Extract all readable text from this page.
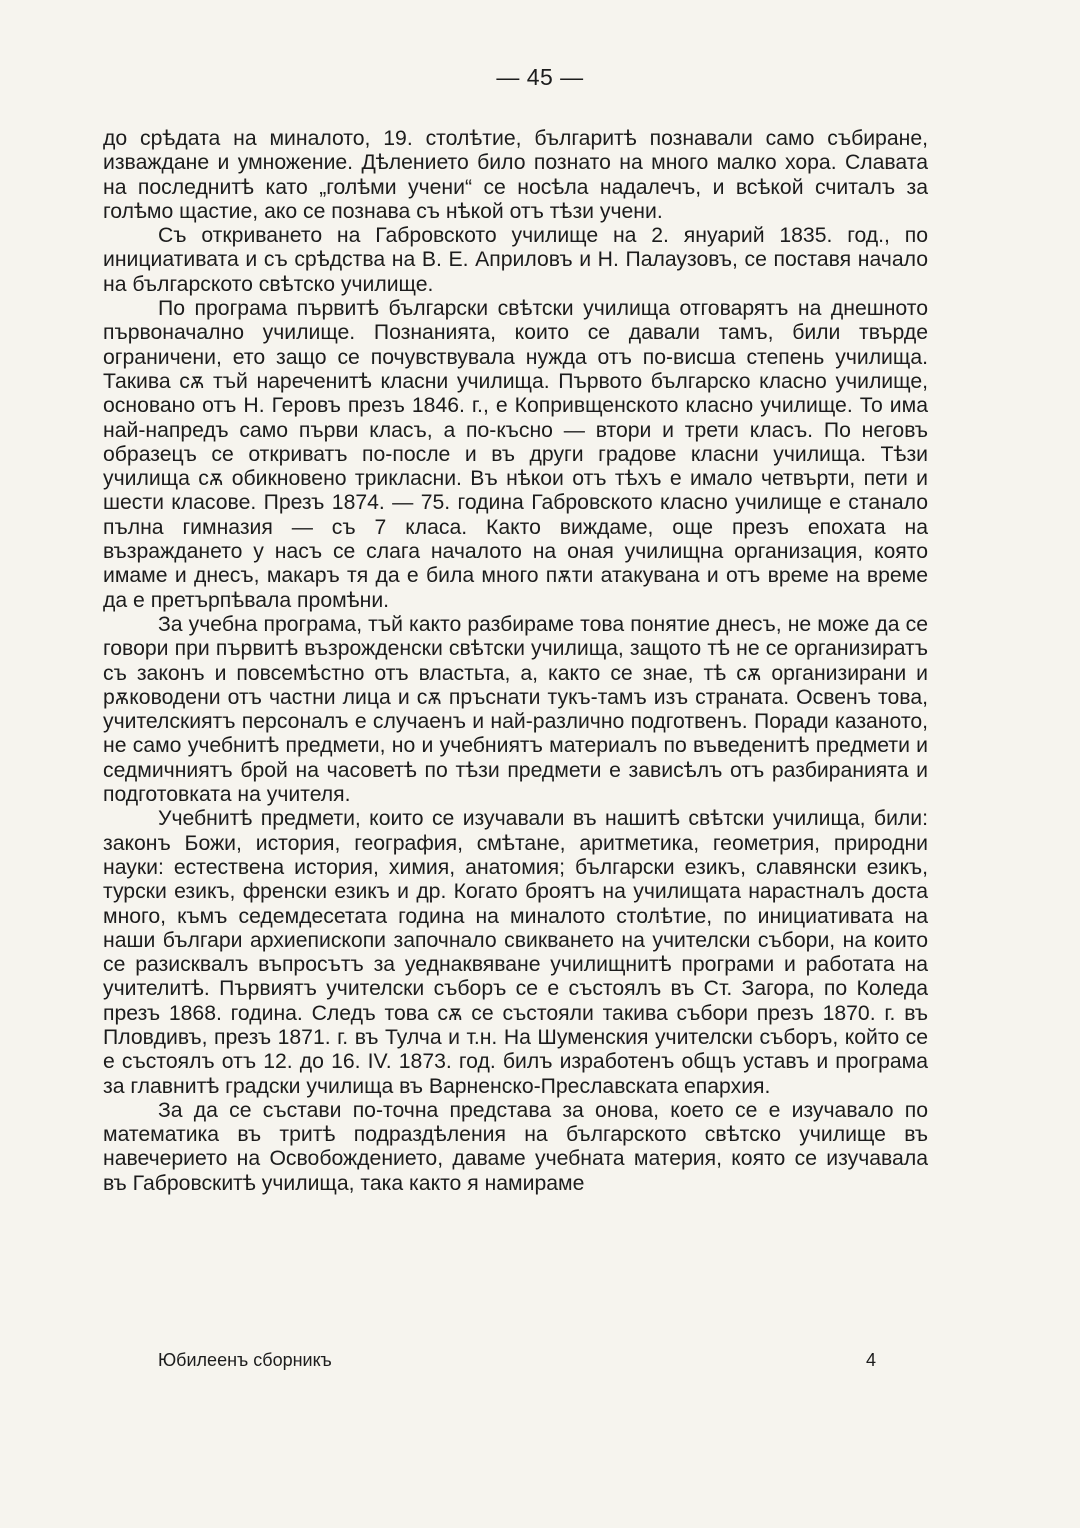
— 45 —

до срѣдата на миналото, 19. столѣтие, българитѣ познавали само събиране, изваждане и умножение. Дѣлението било познато на много малко хора. Славата на последнитѣ като „голѣми учени“ се носѣла надалечъ, и всѣкой считалъ за голѣмо щастие, ако се познава съ нѣкой отъ тѣзи учени.

Съ откриването на Габровското училище на 2. януарий 1835. год., по инициативата и съ срѣдства на В. Е. Априловъ и Н. Палаузовъ, се поставя начало на българското свѣтско училище.

По програма първитѣ български свѣтски училища отговарятъ на днешното първоначално училище. Познанията, които се давали тамъ, били твърде ограничени, ето защо се почувствувала нужда отъ по-висша степень училища. Такива сѫ тъй нареченитѣ класни училища. Първото българско класно училище, основано отъ Н. Геровъ презъ 1846. г., е Копривщенското класно училище. То има най-напредъ само първи класъ, а по-късно — втори и трети класъ. По неговъ образецъ се откриватъ по-после и въ други градове класни училища. Тѣзи училища сѫ обикновено трикласни. Въ нѣкои отъ тѣхъ е имало четвърти, пети и шести класове. Презъ 1874. — 75. година Габровското класно училище е станало пълна гимназия — съ 7 класа. Както виждаме, още презъ епохата на възраждането у насъ се слага началото на оная училищна организация, която имаме и днесъ, макаръ тя да е била много пѫти атакувана и отъ време на време да е претърпѣвала промѣни.

За учебна програма, тъй както разбираме това понятие днесъ, не може да се говори при първитѣ възрожденски свѣтски училища, защото тѣ не се организиратъ съ законъ и повсемѣстно отъ властьта, а, както се знае, тѣ сѫ организирани и рѫководени отъ частни лица и сѫ пръснати тукъ-тамъ изъ страната. Освенъ това, учителскиятъ персоналъ е случаенъ и най-различно подготвенъ. Поради казаното, не само учебнитѣ предмети, но и учебниятъ материалъ по въведенитѣ предмети и седмичниятъ брой на часоветѣ по тѣзи предмети е зависѣлъ отъ разбиранията и подготовката на учителя.

Учебнитѣ предмети, които се изучавали въ нашитѣ свѣтски училища, били: законъ Божи, история, география, смѣтане, аритметика, геометрия, природни науки: естествена история, химия, анатомия; български езикъ, славянски езикъ, турски езикъ, френски езикъ и др. Когато броятъ на училищата нарастналъ доста много, къмъ седемдесетата година на миналото столѣтие, по инициативата на наши българи архиепископи започнало свикването на учителски събори, на които се разисквалъ въпросътъ за уеднаквяване училищнитѣ програми и работата на учителитѣ. Първиятъ учителски съборъ се е състоялъ въ Ст. Загора, по Коледа презъ 1868. година. Следъ това сѫ се състояли такива събори презъ 1870. г. въ Пловдивъ, презъ 1871. г. въ Тулча и т.н. На Шуменския учителски съборъ, който се е състоялъ отъ 12. до 16. IV. 1873. год. билъ изработенъ общъ уставъ и програма за главнитѣ градски училища въ Варненско-Преславската епархия.

За да се състави по-точна представа за онова, което се е изучавало по математика въ тритѣ подраздѣления на българското свѣтско училище въ навечерието на Освобождението, даваме учебната материя, която се изучавала въ Габровскитѣ училища, така както я намираме

Юбилеенъ сборникъ	4
